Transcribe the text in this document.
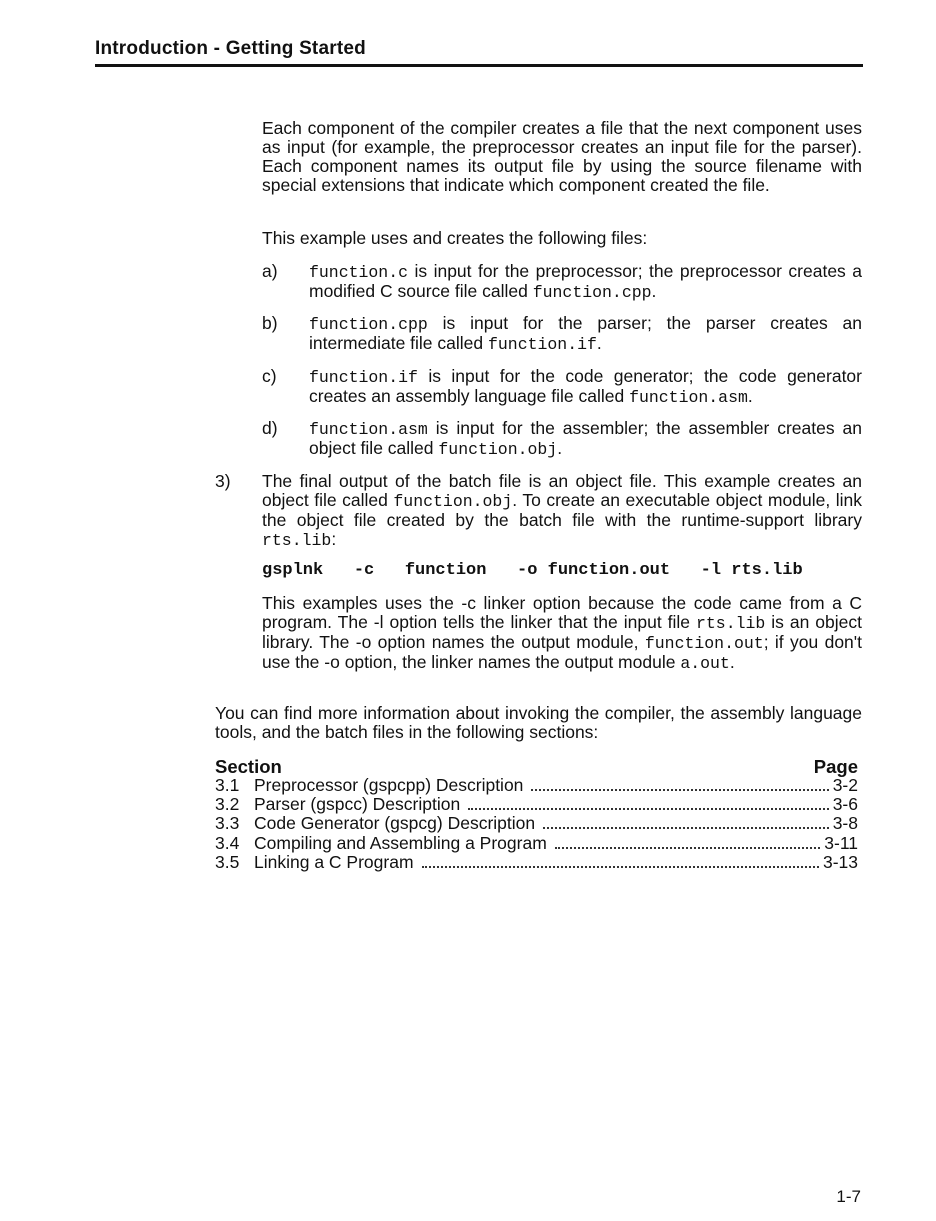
Introduction - Getting Started
Each component of the compiler creates a file that the next component uses as input (for example, the preprocessor creates an input file for the parser). Each component names its output file by using the source filename with special extensions that indicate which component created the file.
This example uses and creates the following files:
a) function.c is input for the preprocessor; the preprocessor creates a modified C source file called function.cpp.
b) function.cpp is input for the parser; the parser creates an intermediate file called function.if.
c) function.if is input for the code generator; the code generator creates an assembly language file called function.asm.
d) function.asm is input for the assembler; the assembler creates an object file called function.obj.
3) The final output of the batch file is an object file. This example creates an object file called function.obj. To create an executable object module, link the object file created by the batch file with the runtime-support library rts.lib:
gsplnk   -c   function   -o function.out   -l rts.lib
This examples uses the -c linker option because the code came from a C program. The -l option tells the linker that the input file rts.lib is an object library. The -o option names the output module, function.out; if you don't use the -o option, the linker names the output module a.out.
You can find more information about invoking the compiler, the assembly language tools, and the batch files in the following sections:
Section	Page
3.1 Preprocessor (gspcpp) Description	3-2
3.2 Parser (gspcc) Description	3-6
3.3 Code Generator (gspcg) Description	3-8
3.4 Compiling and Assembling a Program	3-11
3.5 Linking a C Program	3-13
1-7
